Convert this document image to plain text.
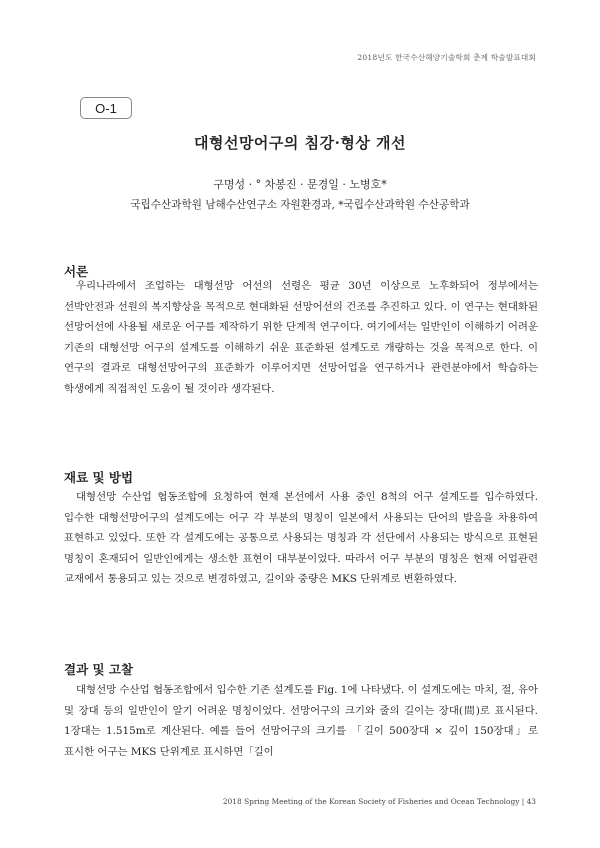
2018년도 한국수산해양기술학회 춘계 학술발표대회
O-1
대형선망어구의 침강·형상 개선
구명성 · ° 차봉진 · 문경일 · 노병호*
국립수산과학원 남해수산연구소 자원환경과, *국립수산과학원 수산공학과
서론
우리나라에서 조업하는 대형선망 어선의 선령은 평균 30년 이상으로 노후화되어 정부에서는 선박안전과 선원의 복지향상을 목적으로 현대화된 선망어선의 건조를 추진하고 있다. 이 연구는 현대화된 선망어선에 사용될 새로운 어구를 제작하기 위한 단계적 연구이다. 여기에서는 일반인이 이해하기 어려운 기존의 대형선망 어구의 설계도를 이해하기 쉬운 표준화된 설계도로 개량하는 것을 목적으로 한다. 이 연구의 결과로 대형선망어구의 표준화가 이루어지면 선망어업을 연구하거나 관련분야에서 학습하는 학생에게 직접적인 도움이 될 것이라 생각된다.
재료 및 방법
대형선망 수산업 협동조합에 요청하여 현재 본선에서 사용 중인 8척의 어구 설계도를 입수하였다. 입수한 대형선망어구의 설계도에는 어구 각 부분의 명칭이 일본에서 사용되는 단어의 발음을 차용하여 표현하고 있었다. 또한 각 설계도에는 공통으로 사용되는 명칭과 각 선단에서 사용되는 방식으로 표현된 명칭이 혼재되어 일반인에게는 생소한 표현이 대부분이었다. 따라서 어구 부분의 명칭은 현재 어업관련 교재에서 통용되고 있는 것으로 변경하였고, 길이와 중량은 MKS 단위계로 변환하였다.
결과 및 고찰
대형선망 수산업 협동조합에서 입수한 기존 설계도를 Fig. 1에 나타냈다. 이 설계도에는 마치, 절, 유아 및 장대 등의 일반인이 알기 어려운 명칭이었다. 선망어구의 크기와 줄의 길이는 장대(間)로 표시된다. 1장대는 1.515m로 계산된다. 예를 들어 선망어구의 크기를 「길이 500장대 × 깊이 150장대」로 표시한 어구는 MKS 단위계로 표시하면「길이
2018 Spring Meeting of the Korean Society of Fisheries and Ocean Technology | 43
